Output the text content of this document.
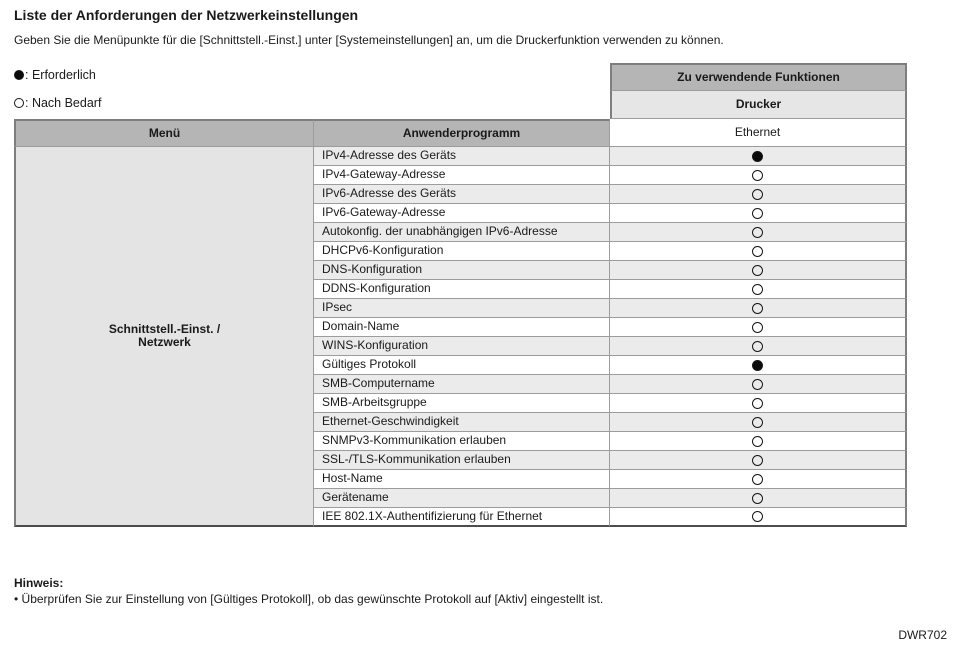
Liste der Anforderungen der Netzwerkeinstellungen
Geben Sie die Menüpunkte für die [Schnittstell.-Einst.] unter [Systemeinstellungen] an, um die Druckerfunktion verwenden zu können.
: Erforderlich
: Nach Bedarf
Zu verwendende Funktionen
Drucker
Menü	Anwenderprogramm	Ethernet
Schnittstell.-Einst. /
Netzwerk
IPv4-Adresse des Geräts
IPv4-Gateway-Adresse
IPv6-Adresse des Geräts
IPv6-Gateway-Adresse
Autokonfig. der unabhängigen IPv6-Adresse
DHCPv6-Konfiguration
DNS-Konfiguration
DDNS-Konfiguration
IPsec
Domain-Name
WINS-Konfiguration
Gültiges Protokoll
SMB-Computername
SMB-Arbeitsgruppe
Ethernet-Geschwindigkeit
SNMPv3-Kommunikation erlauben
SSL-/TLS-Kommunikation erlauben
Host-Name
Gerätename
IEE 802.1X-Authentifizierung für Ethernet
Hinweis:
• Überprüfen Sie zur Einstellung von [Gültiges Protokoll], ob das gewünschte Protokoll auf [Aktiv] eingestellt ist.
DWR702
